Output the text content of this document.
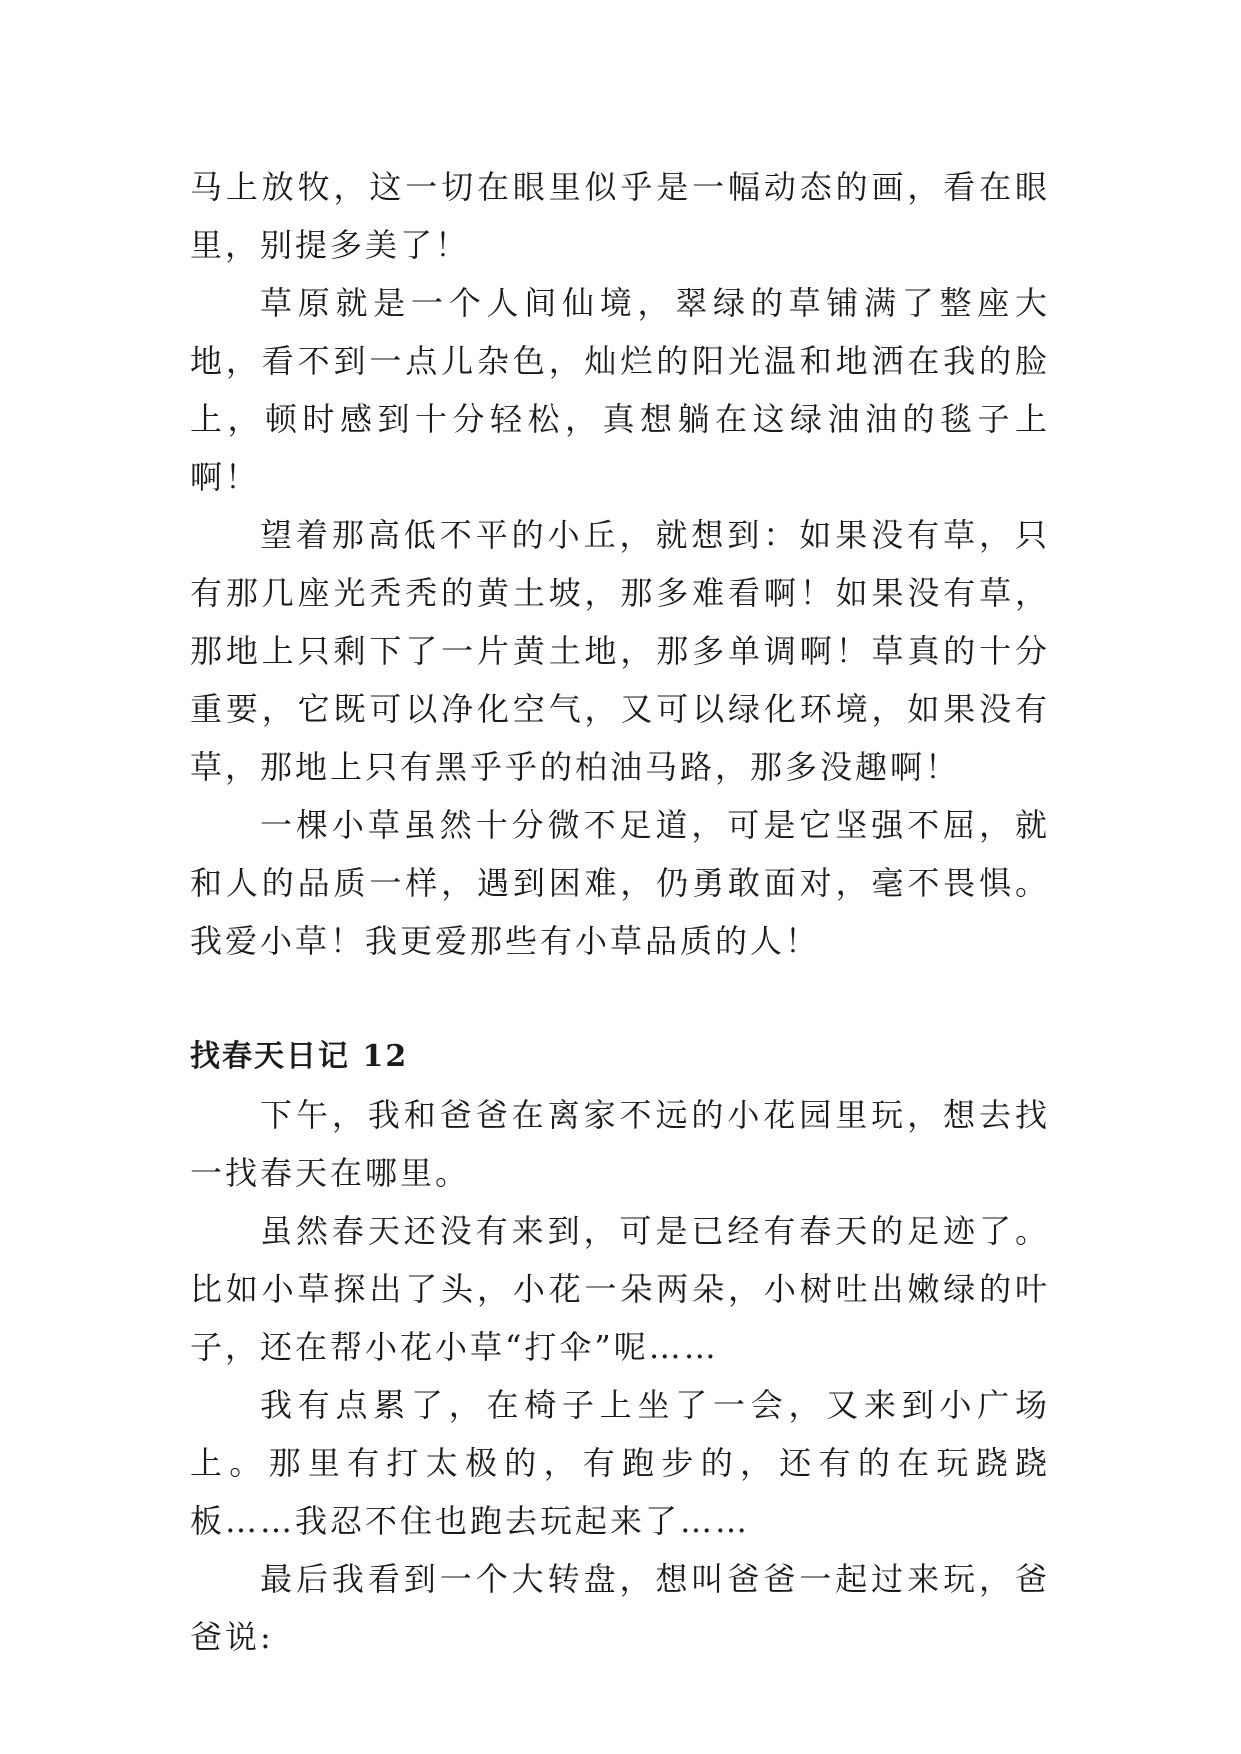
马上放牧，这一切在眼里似乎是一幅动态的画，看在眼里，别提多美了！

草原就是一个人间仙境，翠绿的草铺满了整座大地，看不到一点儿杂色，灿烂的阳光温和地洒在我的脸上，顿时感到十分轻松，真想躺在这绿油油的毯子上啊！

望着那高低不平的小丘，就想到：如果没有草，只有那几座光秃秃的黄土坡，那多难看啊！如果没有草，那地上只剩下了一片黄土地，那多单调啊！草真的十分重要，它既可以净化空气，又可以绿化环境，如果没有草，那地上只有黑乎乎的柏油马路，那多没趣啊！

一棵小草虽然十分微不足道，可是它坚强不屈，就和人的品质一样，遇到困难，仍勇敢面对，毫不畏惧。我爱小草！我更爱那些有小草品质的人！

找春天日记 12

下午，我和爸爸在离家不远的小花园里玩，想去找一找春天在哪里。

虽然春天还没有来到，可是已经有春天的足迹了。比如小草探出了头，小花一朵两朵，小树吐出嫩绿的叶子，还在帮小花小草“打伞”呢……

我有点累了，在椅子上坐了一会，又来到小广场上。那里有打太极的，有跑步的，还有的在玩跷跷板……我忍不住也跑去玩起来了……

最后我看到一个大转盘，想叫爸爸一起过来玩，爸爸说:
